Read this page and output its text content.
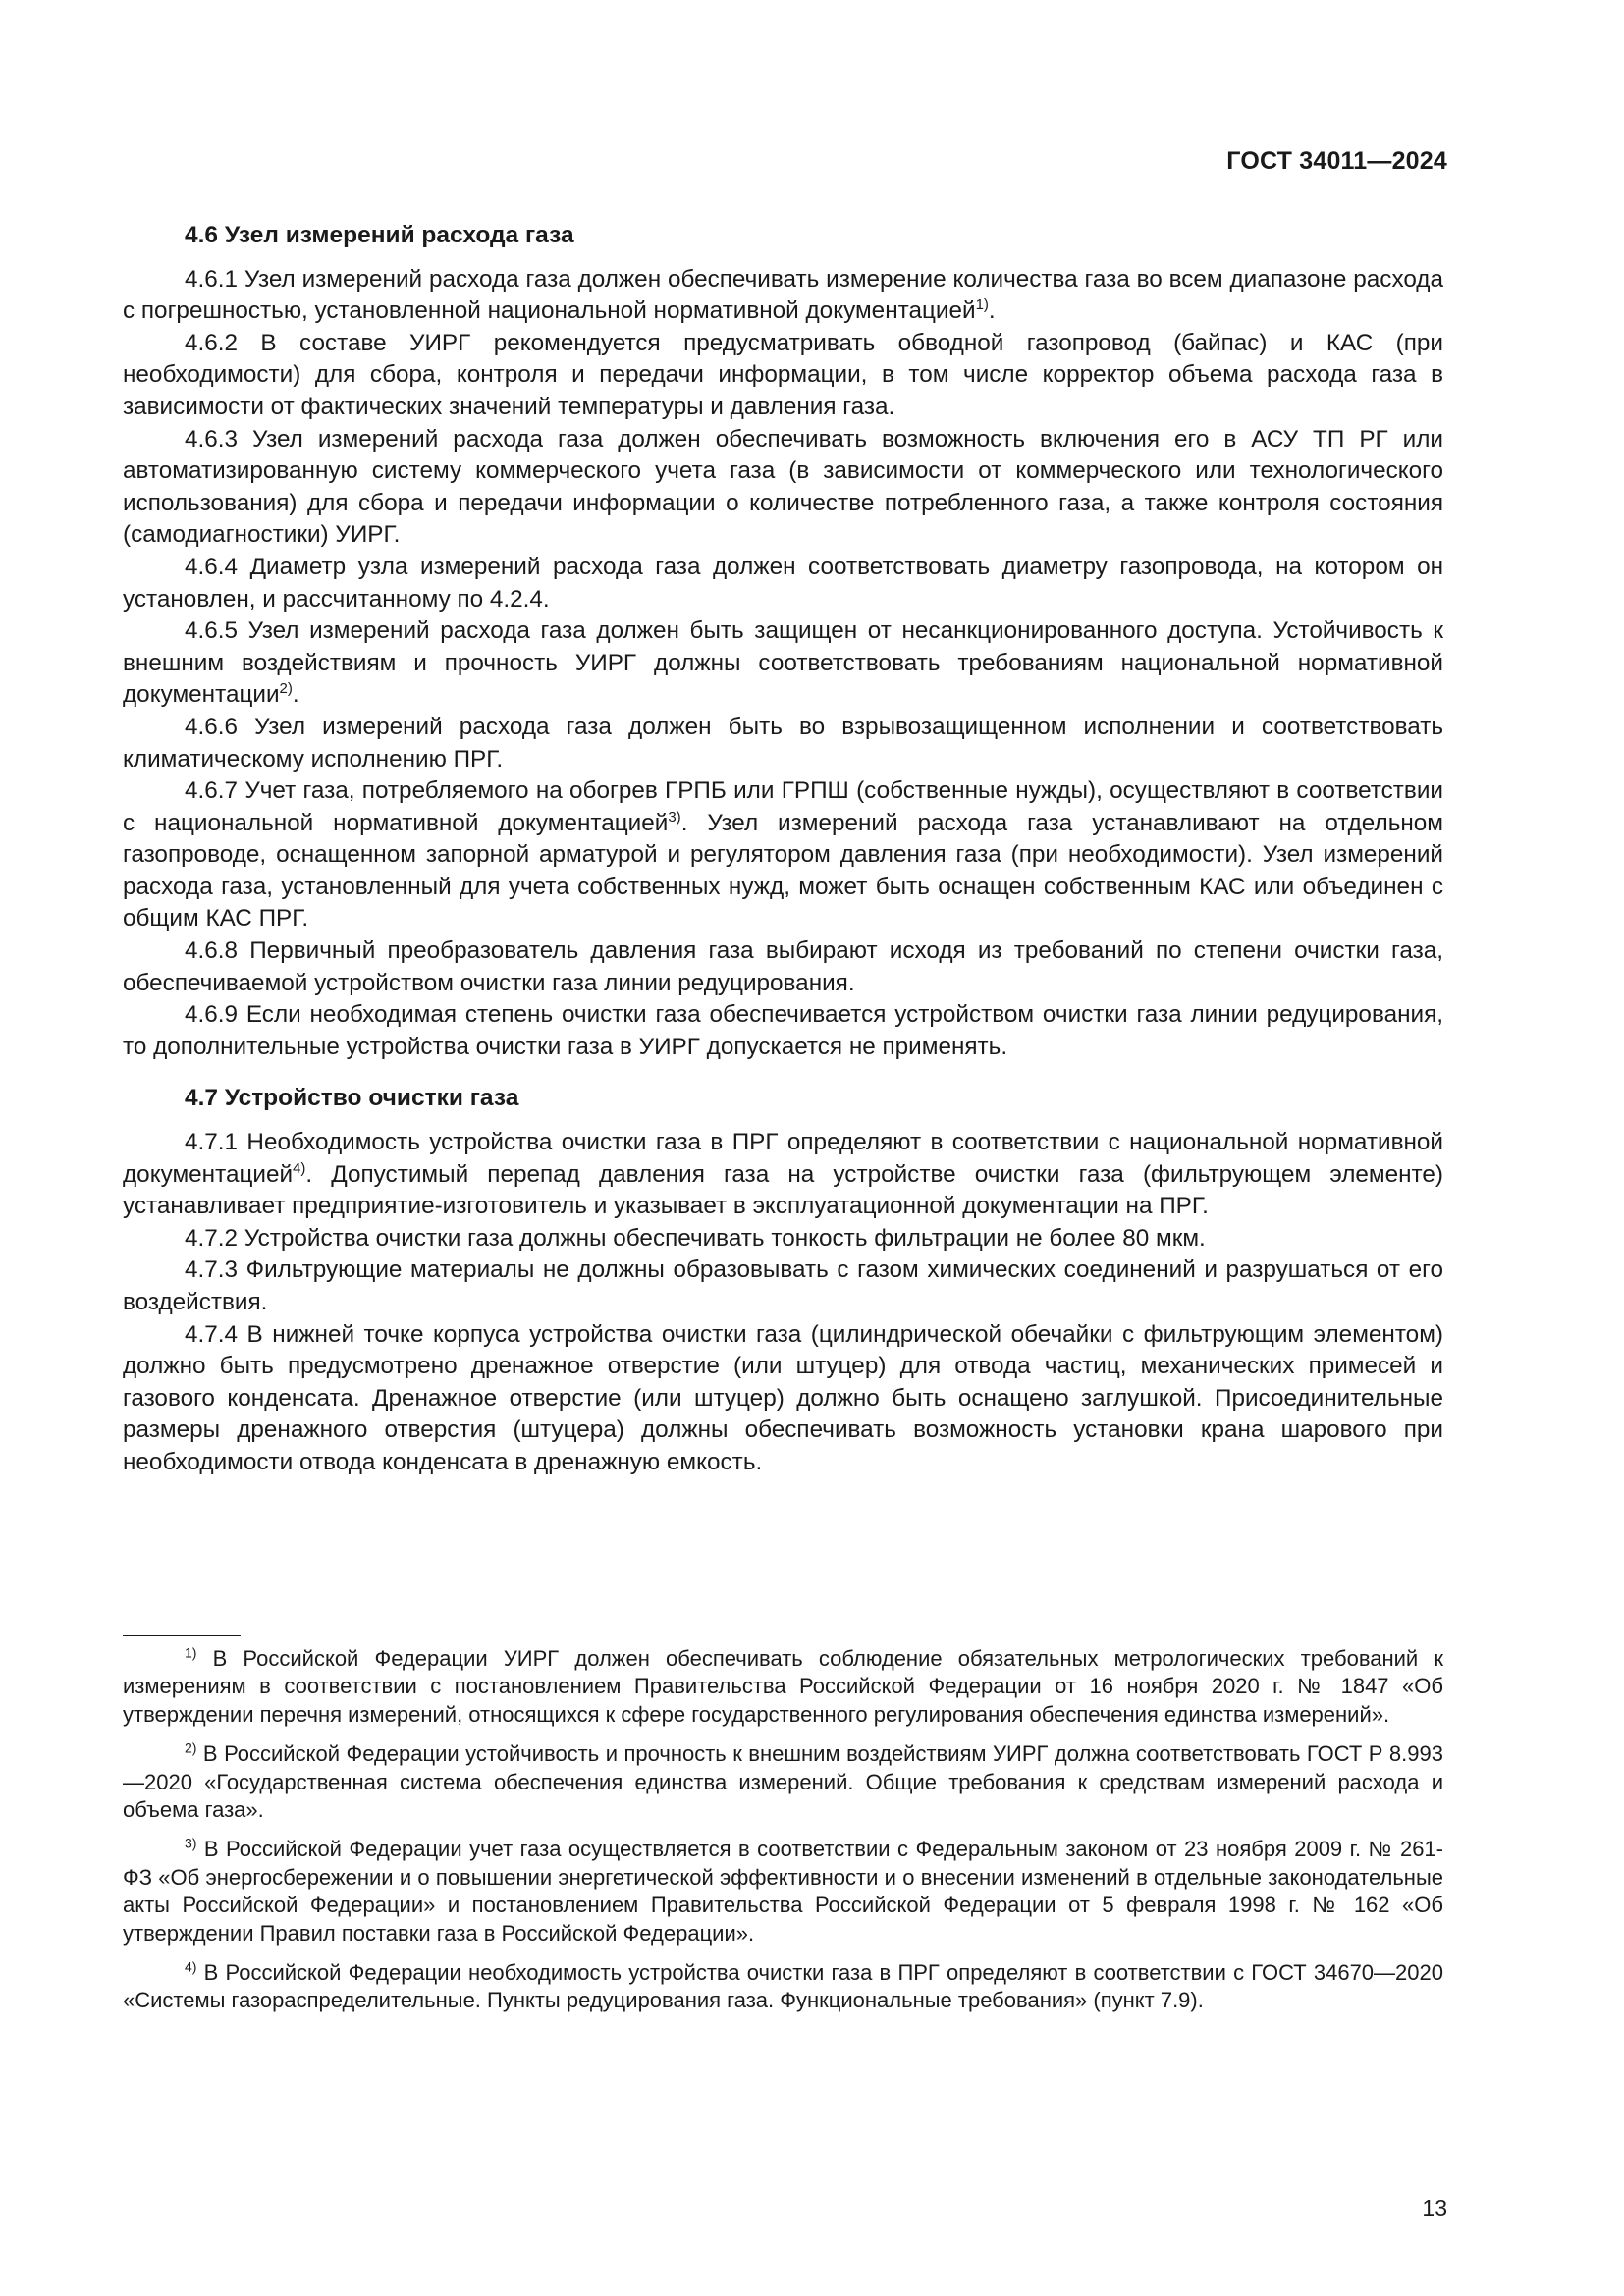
ГОСТ 34011—2024
4.6 Узел измерений расхода газа

4.6.1 Узел измерений расхода газа должен обеспечивать измерение количества газа во всем диапазоне расхода с погрешностью, установленной национальной нормативной документацией$^{1)}$.

4.6.2 В составе УИРГ рекомендуется предусматривать обводной газопровод (байпас) и КАС (при необходимости) для сбора, контроля и передачи информации, в том числе корректор объема расхода газа в зависимости от фактических значений температуры и давления газа.

4.6.3 Узел измерений расхода газа должен обеспечивать возможность включения его в АСУ ТП РГ или автоматизированную систему коммерческого учета газа (в зависимости от коммерческого или технологического использования) для сбора и передачи информации о количестве потребленного газа, а также контроля состояния (самодиагностики) УИРГ.

4.6.4 Диаметр узла измерений расхода газа должен соответствовать диаметру газопровода, на котором он установлен, и рассчитанному по 4.2.4.

4.6.5 Узел измерений расхода газа должен быть защищен от несанкционированного доступа. Устойчивость к внешним воздействиям и прочность УИРГ должны соответствовать требованиям национальной нормативной документации$^{2)}$.

4.6.6 Узел измерений расхода газа должен быть во взрывозащищенном исполнении и соответствовать климатическому исполнению ПРГ.

4.6.7 Учет газа, потребляемого на обогрев ГРПБ или ГРПШ (собственные нужды), осуществляют в соответствии с национальной нормативной документацией$^{3)}$. Узел измерений расхода газа устанавливают на отдельном газопроводе, оснащенном запорной арматурой и регулятором давления газа (при необходимости). Узел измерений расхода газа, установленный для учета собственных нужд, может быть оснащен собственным КАС или объединен с общим КАС ПРГ.

4.6.8 Первичный преобразователь давления газа выбирают исходя из требований по степени очистки газа, обеспечиваемой устройством очистки газа линии редуцирования.

4.6.9 Если необходимая степень очистки газа обеспечивается устройством очистки газа линии редуцирования, то дополнительные устройства очистки газа в УИРГ допускается не применять.

4.7 Устройство очистки газа

4.7.1 Необходимость устройства очистки газа в ПРГ определяют в соответствии с национальной нормативной документацией$^{4)}$. Допустимый перепад давления газа на устройстве очистки газа (фильтрующем элементе) устанавливает предприятие-изготовитель и указывает в эксплуатационной документации на ПРГ.

4.7.2 Устройства очистки газа должны обеспечивать тонкость фильтрации не более 80 мкм.

4.7.3 Фильтрующие материалы не должны образовывать с газом химических соединений и разрушаться от его воздействия.

4.7.4 В нижней точке корпуса устройства очистки газа (цилиндрической обечайки с фильтрующим элементом) должно быть предусмотрено дренажное отверстие (или штуцер) для отвода частиц, механических примесей и газового конденсата. Дренажное отверстие (или штуцер) должно быть оснащено заглушкой. Присоединительные размеры дренажного отверстия (штуцера) должны обеспечивать возможность установки крана шарового при необходимости отвода конденсата в дренажную емкость.

$^{1)}$ В Российской Федерации УИРГ должен обеспечивать соблюдение обязательных метрологических требований к измерениям в соответствии с постановлением Правительства Российской Федерации от 16 ноября 2020 г. № 1847 «Об утверждении перечня измерений, относящихся к сфере государственного регулирования обеспечения единства измерений».

$^{2)}$ В Российской Федерации устойчивость и прочность к внешним воздействиям УИРГ должна соответствовать ГОСТ Р 8.993—2020 «Государственная система обеспечения единства измерений. Общие требования к средствам измерений расхода и объема газа».

$^{3)}$ В Российской Федерации учет газа осуществляется в соответствии с Федеральным законом от 23 ноября 2009 г. № 261-ФЗ «Об энергосбережении и о повышении энергетической эффективности и о внесении изменений в отдельные законодательные акты Российской Федерации» и постановлением Правительства Российской Федерации от 5 февраля 1998 г. № 162 «Об утверждении Правил поставки газа в Российской Федерации».

$^{4)}$ В Российской Федерации необходимость устройства очистки газа в ПРГ определяют в соответствии с ГОСТ 34670—2020 «Системы газораспределительные. Пункты редуцирования газа. Функциональные требования» (пункт 7.9).

13
